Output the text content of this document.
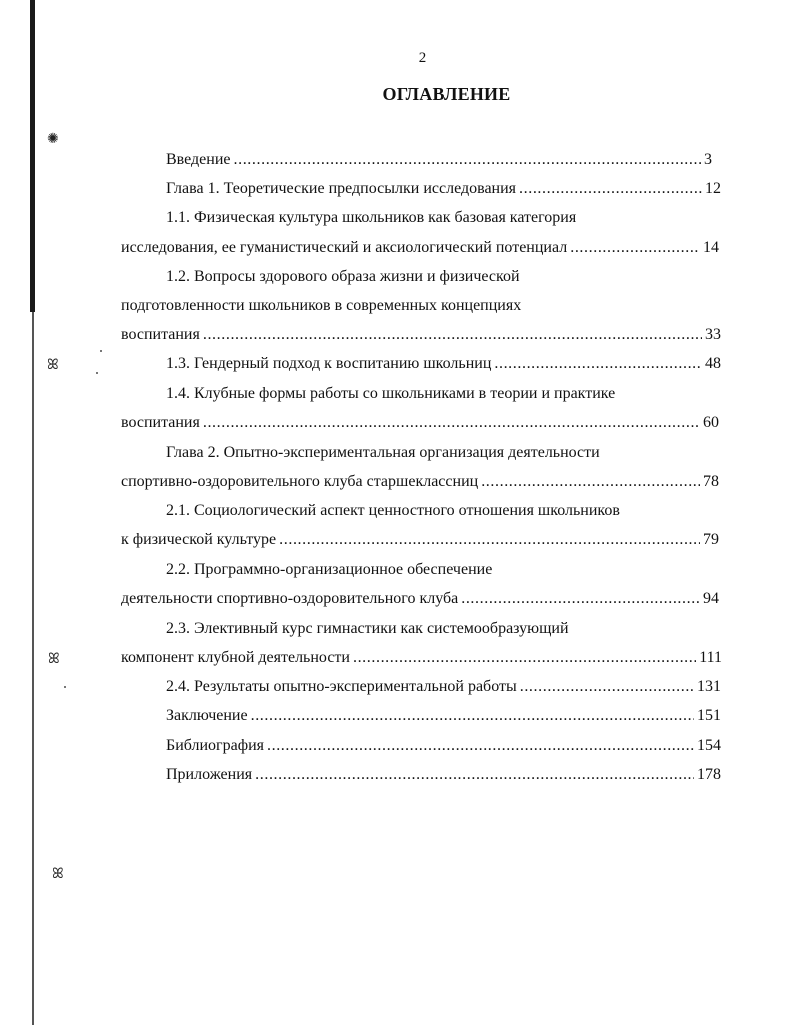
2
ОГЛАВЛЕНИЕ
✺
ꕤ
ꕤ
ꕤ
Введение .....	3
Глава 1. Теоретические предпосылки исследования .....	12
1.1. Физическая культура школьников как базовая категория
исследования, ее гуманистический и аксиологический потенциал .....	14
1.2. Вопросы здорового образа жизни и физической
подготовленности школьников в современных концепциях
воспитания .....	33
1.3. Гендерный подход к воспитанию школьниц .....	48
1.4. Клубные формы работы со школьниками в теории и практике
воспитания .....	60
Глава 2. Опытно-экспериментальная организация деятельности
спортивно-оздоровительного клуба старшеклассниц .....	78
2.1. Социологический аспект ценностного отношения школьников
к физической культуре .....	79
2.2. Программно-организационное обеспечение
деятельности спортивно-оздоровительного клуба .....	94
2.3. Элективный курс гимнастики как системообразующий
компонент клубной деятельности .....	111
2.4. Результаты опытно-экспериментальной работы .....	131
Заключение .....	151
Библиография .....	154
Приложения .....	178
